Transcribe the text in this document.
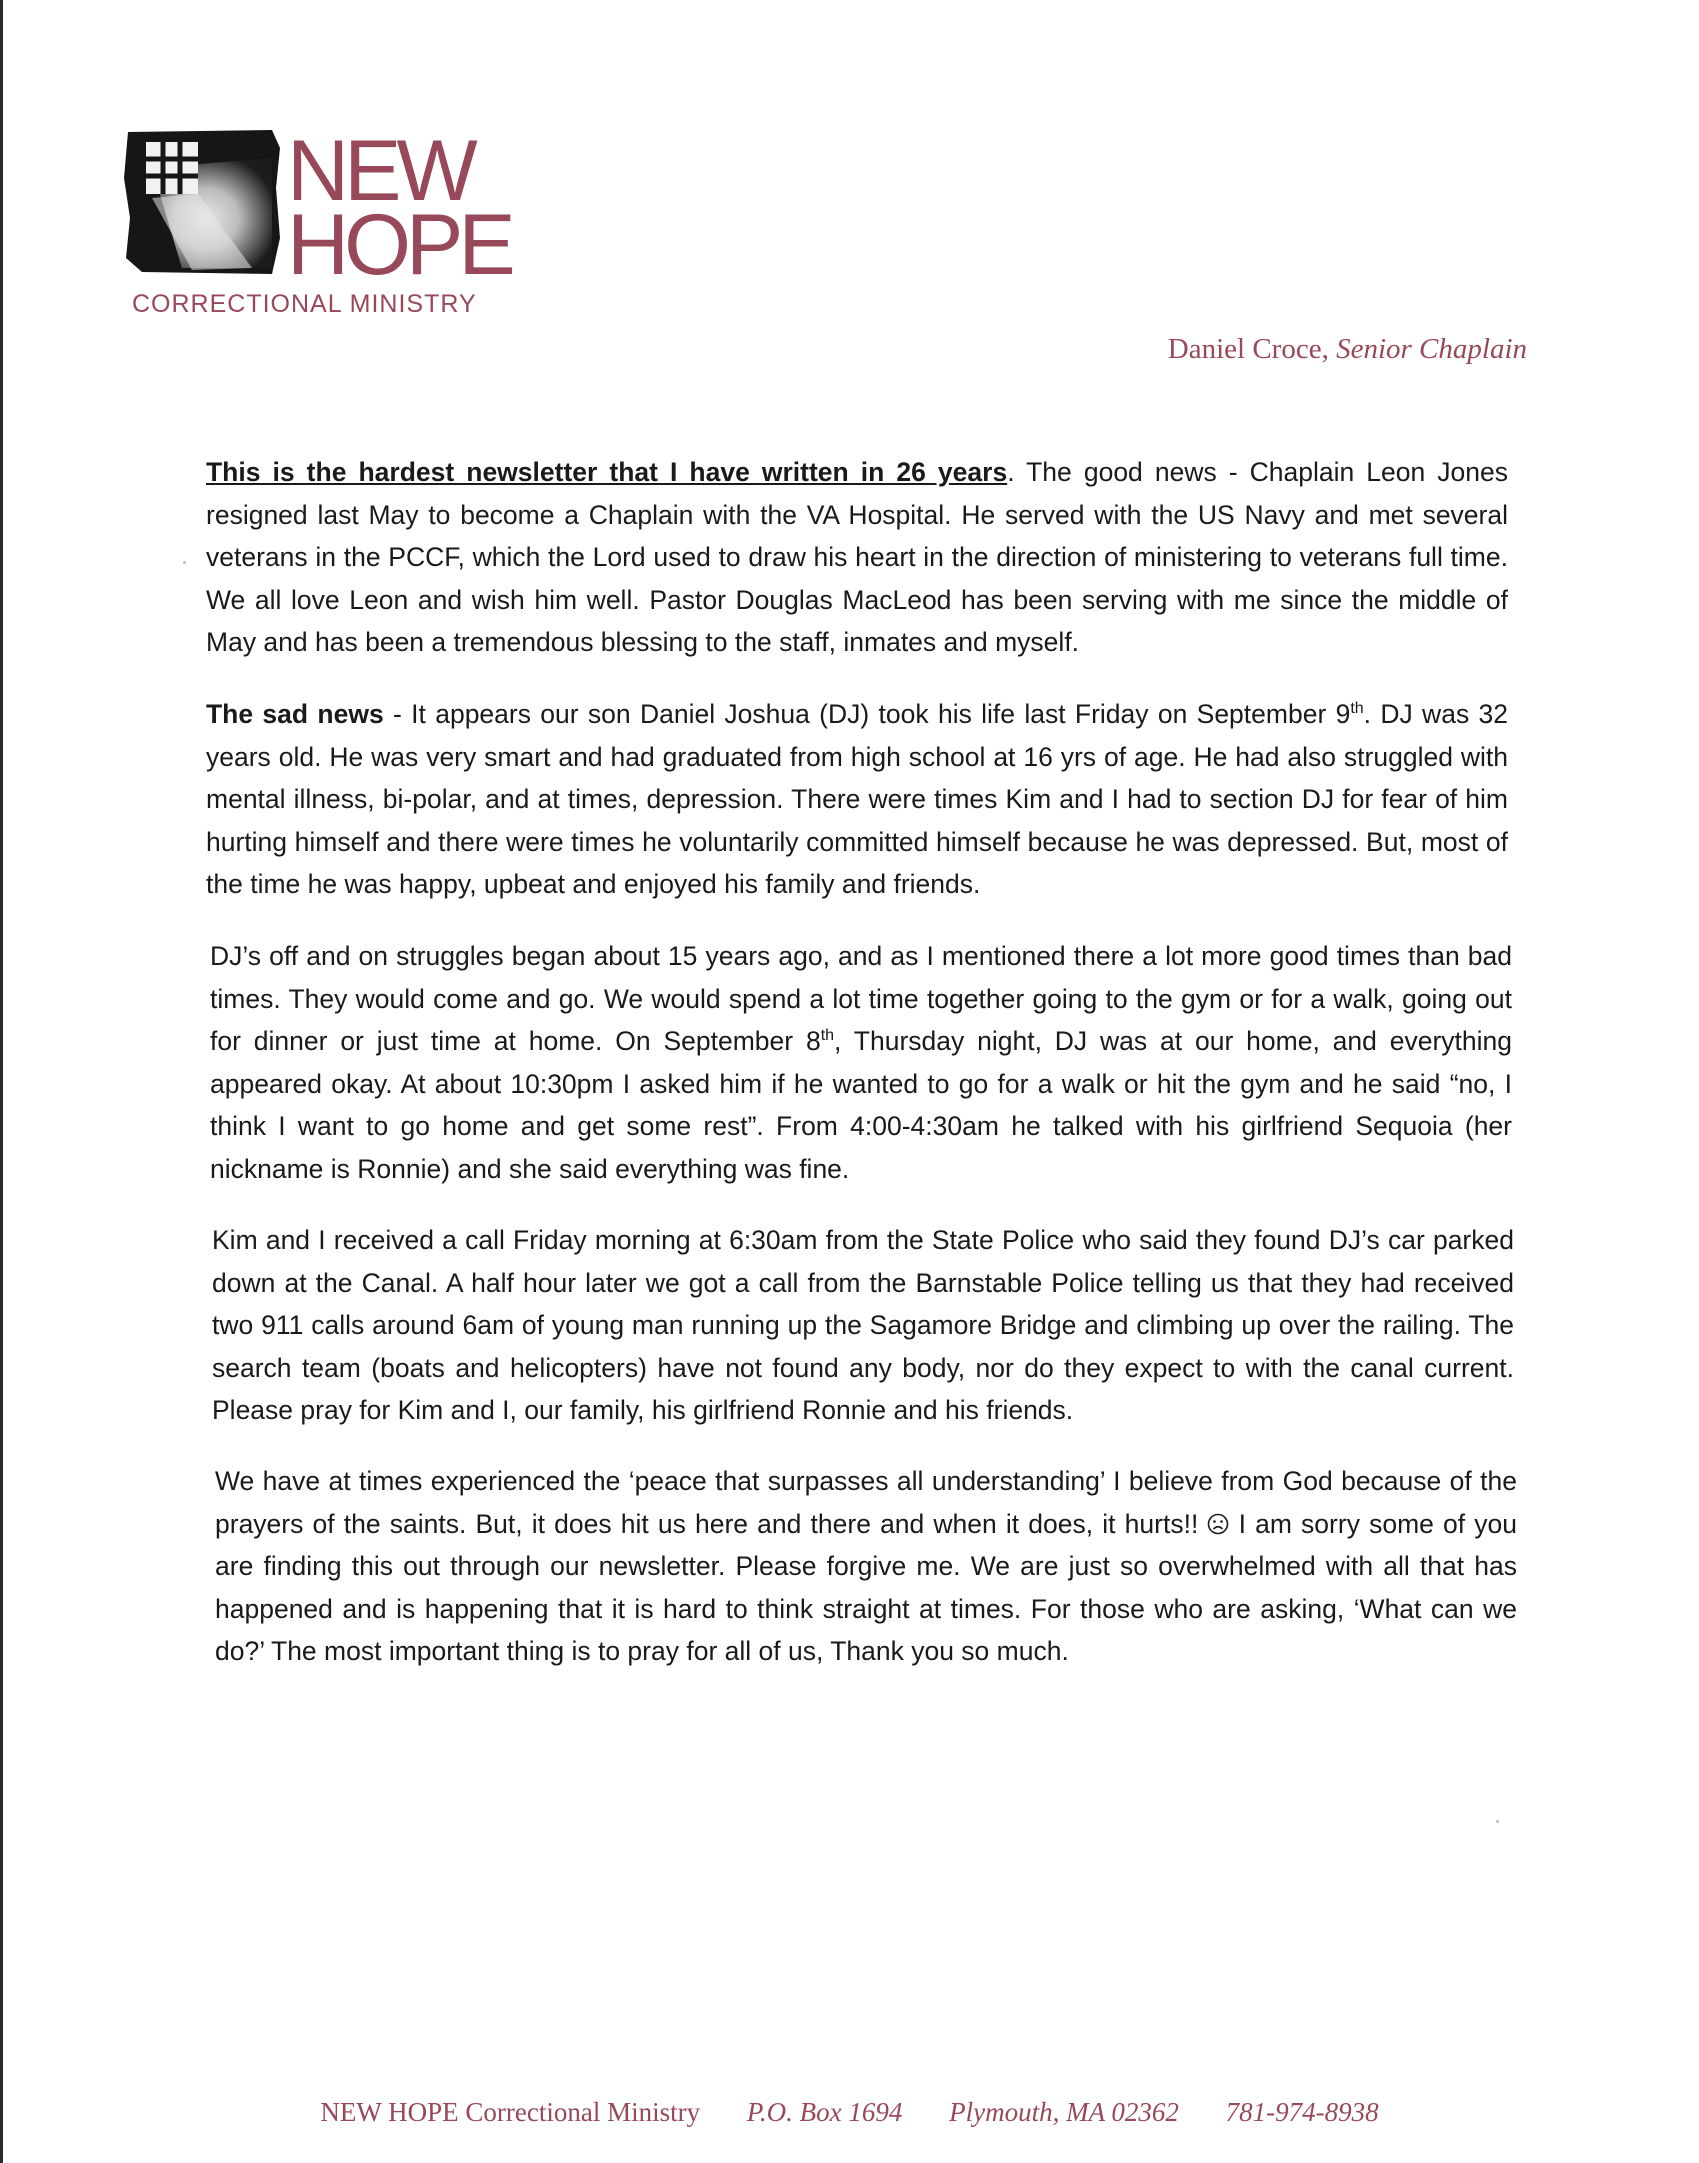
NEW
HOPE
CORRECTIONAL MINISTRY
Daniel Croce, Senior Chaplain
This is the hardest newsletter that I have written in 26 years. The good news - Chaplain Leon Jones resigned last May to become a Chaplain with the VA Hospital. He served with the US Navy and met several veterans in the PCCF, which the Lord used to draw his heart in the direction of ministering to veterans full time. We all love Leon and wish him well. Pastor Douglas MacLeod has been serving with me since the middle of May and has been a tremendous blessing to the staff, inmates and myself.
The sad news - It appears our son Daniel Joshua (DJ) took his life last Friday on September 9th. DJ was 32 years old. He was very smart and had graduated from high school at 16 yrs of age. He had also struggled with mental illness, bi-polar, and at times, depression. There were times Kim and I had to section DJ for fear of him hurting himself and there were times he voluntarily committed himself because he was depressed. But, most of the time he was happy, upbeat and enjoyed his family and friends.
DJ’s off and on struggles began about 15 years ago, and as I mentioned there a lot more good times than bad times. They would come and go. We would spend a lot time together going to the gym or for a walk, going out for dinner or just time at home. On September 8th, Thursday night, DJ was at our home, and everything appeared okay. At about 10:30pm I asked him if he wanted to go for a walk or hit the gym and he said “no, I think I want to go home and get some rest”. From 4:00-4:30am he talked with his girlfriend Sequoia (her nickname is Ronnie) and she said everything was fine.
Kim and I received a call Friday morning at 6:30am from the State Police who said they found DJ’s car parked down at the Canal. A half hour later we got a call from the Barnstable Police telling us that they had received two 911 calls around 6am of young man running up the Sagamore Bridge and climbing up over the railing. The search team (boats and helicopters) have not found any body, nor do they expect to with the canal current. Please pray for Kim and I, our family, his girlfriend Ronnie and his friends.
We have at times experienced the ‘peace that surpasses all understanding’ I believe from God because of the prayers of the saints. But, it does hit us here and there and when it does, it hurts!!  I am sorry some of you are finding this out through our newsletter. Please forgive me. We are just so overwhelmed with all that has happened and is happening that it is hard to think straight at times. For those who are asking, ‘What can we do?’ The most important thing is to pray for all of us, Thank you so much.
NEW HOPE Correctional Ministry P.O. Box 1694 Plymouth, MA 02362 781-974-8938
